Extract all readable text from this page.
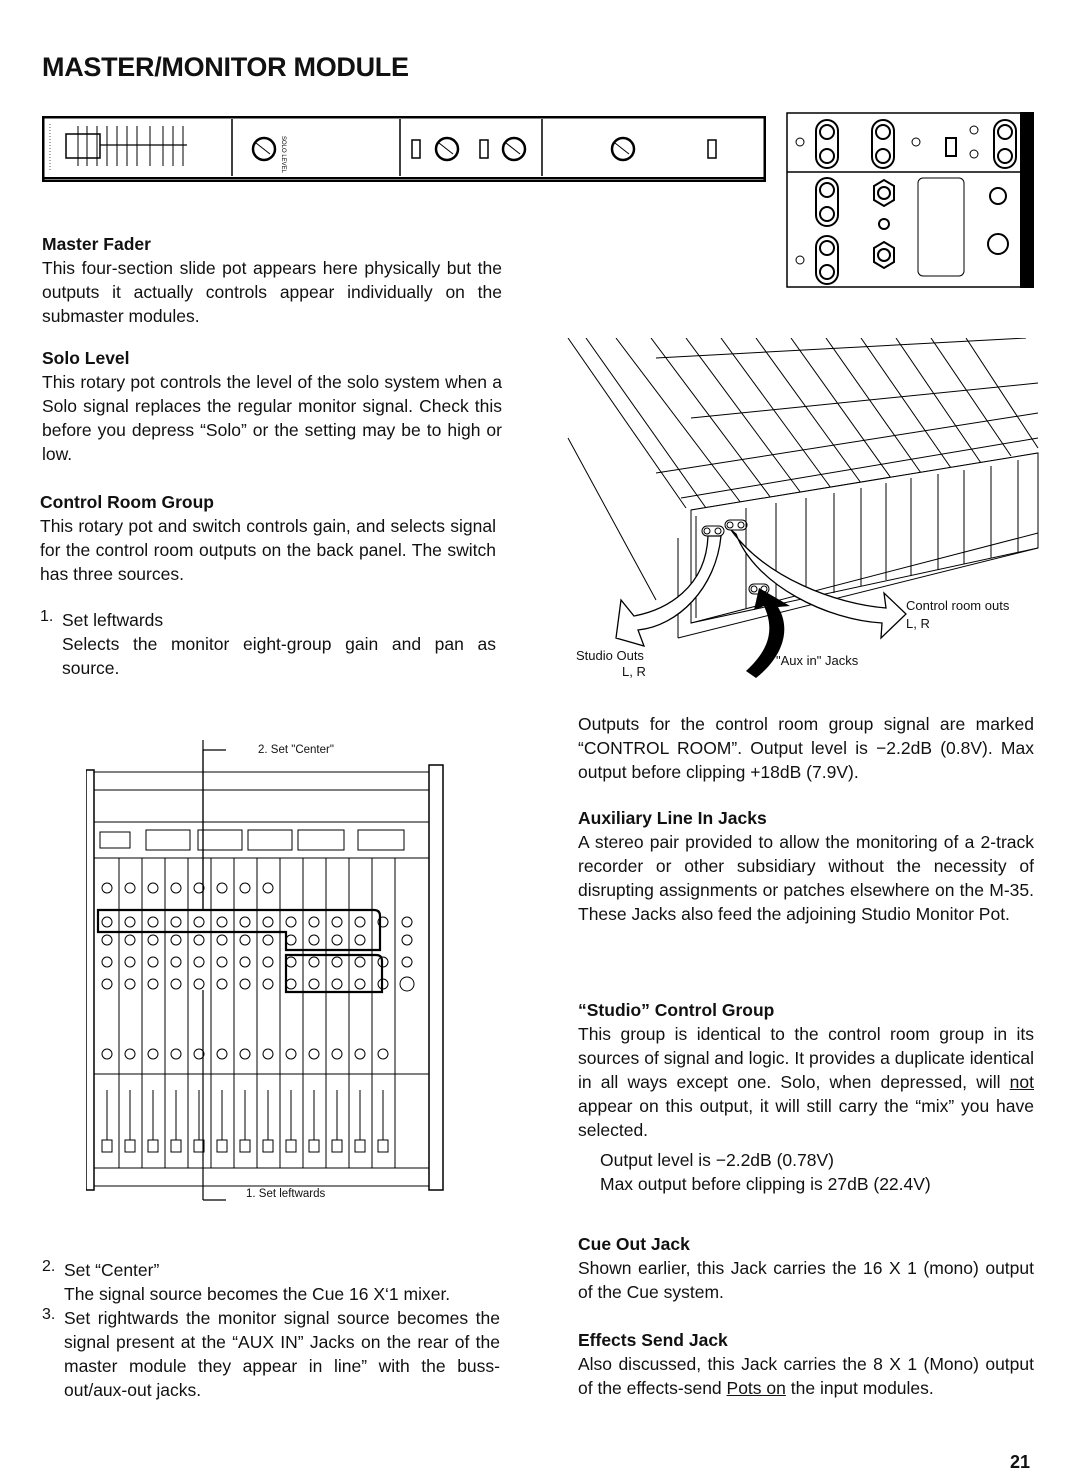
MASTER/MONITOR MODULE
SOLO LEVEL
Control room outs
L, R
Studio Outs
L, R
"Aux in" Jacks
2. Set "Center"
1. Set leftwards
Master Fader
This four-section slide pot appears here physically but the outputs it actually controls appear individually on the submaster modules.
Solo Level
This rotary pot controls the level of the solo system when a Solo signal replaces the regular monitor signal. Check this before you depress “Solo” or the setting may be to high or low.
Control Room Group
This rotary pot and switch controls gain, and selects signal for the control room outputs on the back panel. The switch has three sources.
1. Set leftwards
Selects the monitor eight-group gain and pan as source.
2. Set “Center”
The signal source becomes the Cue 16 X‘1 mixer.
3. Set rightwards the monitor signal source becomes the signal present at the “AUX IN” Jacks on the rear of the master module they appear in line” with the buss-out/aux-out jacks.
Outputs for the control room group signal are marked “CONTROL ROOM”. Output level is −2.2dB (0.8V). Max output before clipping +18dB (7.9V).
Auxiliary Line In Jacks
A stereo pair provided to allow the monitoring of a 2-track recorder or other subsidiary without the necessity of disrupting assignments or patches elsewhere on the M-35. These Jacks also feed the adjoining Studio Monitor Pot.
“Studio” Control Group
This group is identical to the control room group in its sources of signal and logic. It provides a duplicate identical in all ways except one. Solo, when depressed, will not appear on this output, it will still carry the “mix” you have selected.
Output level is −2.2dB (0.78V)
Max output before clipping is 27dB (22.4V)
Cue Out Jack
Shown earlier, this Jack carries the 16 X 1 (mono) output of the Cue system.
Effects Send Jack
Also discussed, this Jack carries the 8 X 1 (Mono) output of the effects-send Pots on the input modules.
21
